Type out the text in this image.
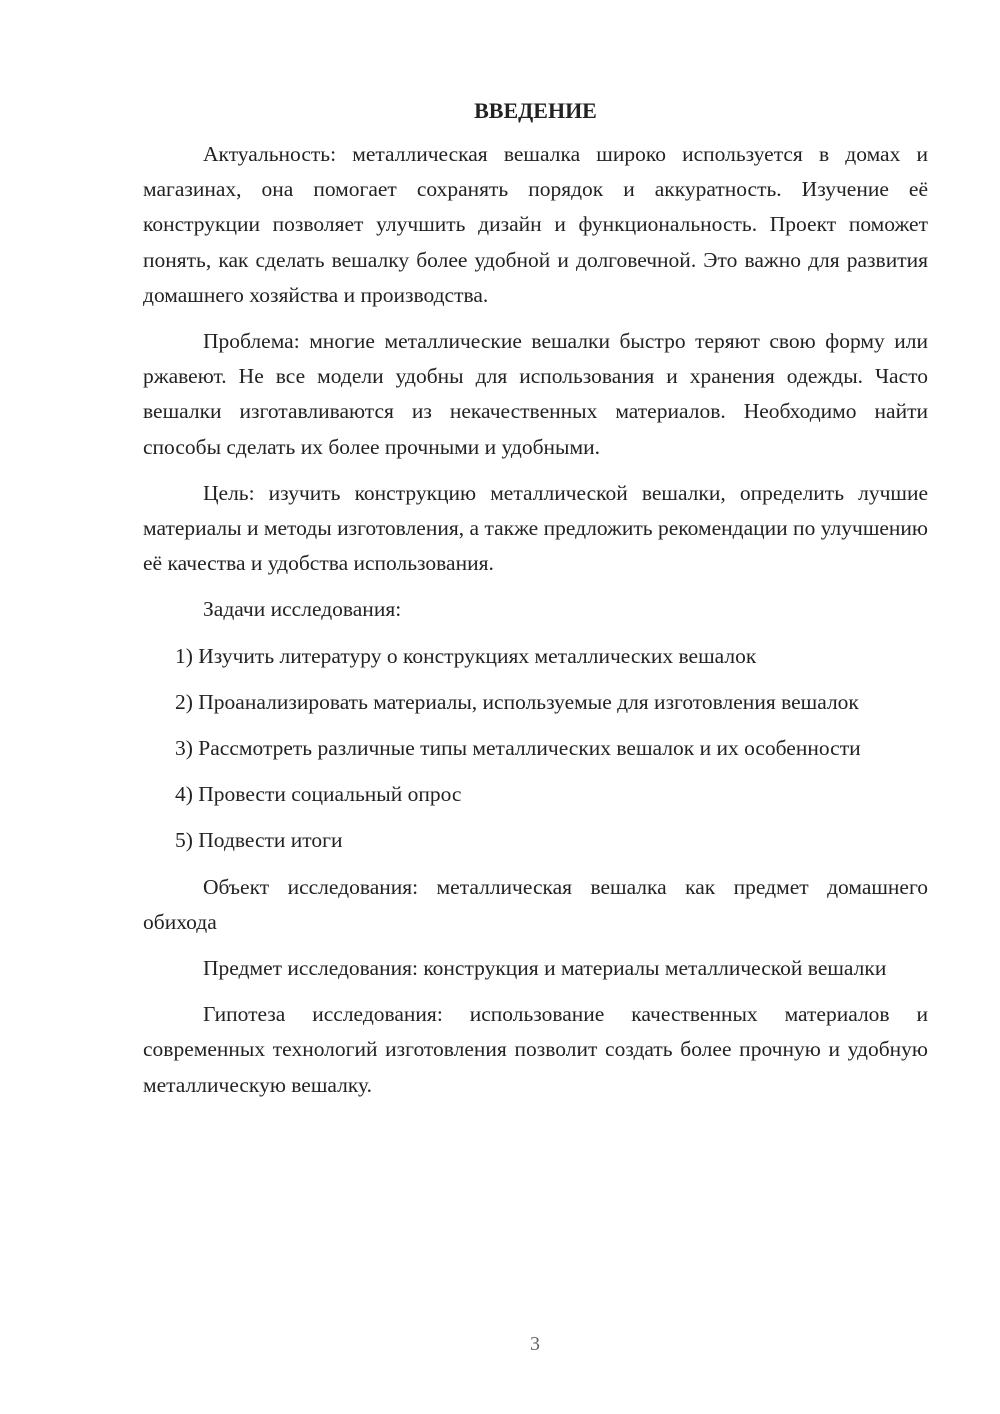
ВВЕДЕНИЕ

Актуальность: металлическая вешалка широко используется в домах и магазинах, она помогает сохранять порядок и аккуратность. Изучение её конструкции позволяет улучшить дизайн и функциональность. Проект поможет понять, как сделать вешалку более удобной и долговечной. Это важно для развития домашнего хозяйства и производства.

Проблема: многие металлические вешалки быстро теряют свою форму или ржавеют. Не все модели удобны для использования и хранения одежды. Часто вешалки изготавливаются из некачественных материалов. Необходимо найти способы сделать их более прочными и удобными.

Цель: изучить конструкцию металлической вешалки, определить лучшие материалы и методы изготовления, а также предложить рекомендации по улучшению её качества и удобства использования.

Задачи исследования:

1) Изучить литературу о конструкциях металлических вешалок

2) Проанализировать материалы, используемые для изготовления вешалок

3) Рассмотреть различные типы металлических вешалок и их особенности

4) Провести социальный опрос

5) Подвести итоги

Объект исследования: металлическая вешалка как предмет домашнего обихода

Предмет исследования: конструкция и материалы металлической вешалки

Гипотеза исследования: использование качественных материалов и современных технологий изготовления позволит создать более прочную и удобную металлическую вешалку.

3
